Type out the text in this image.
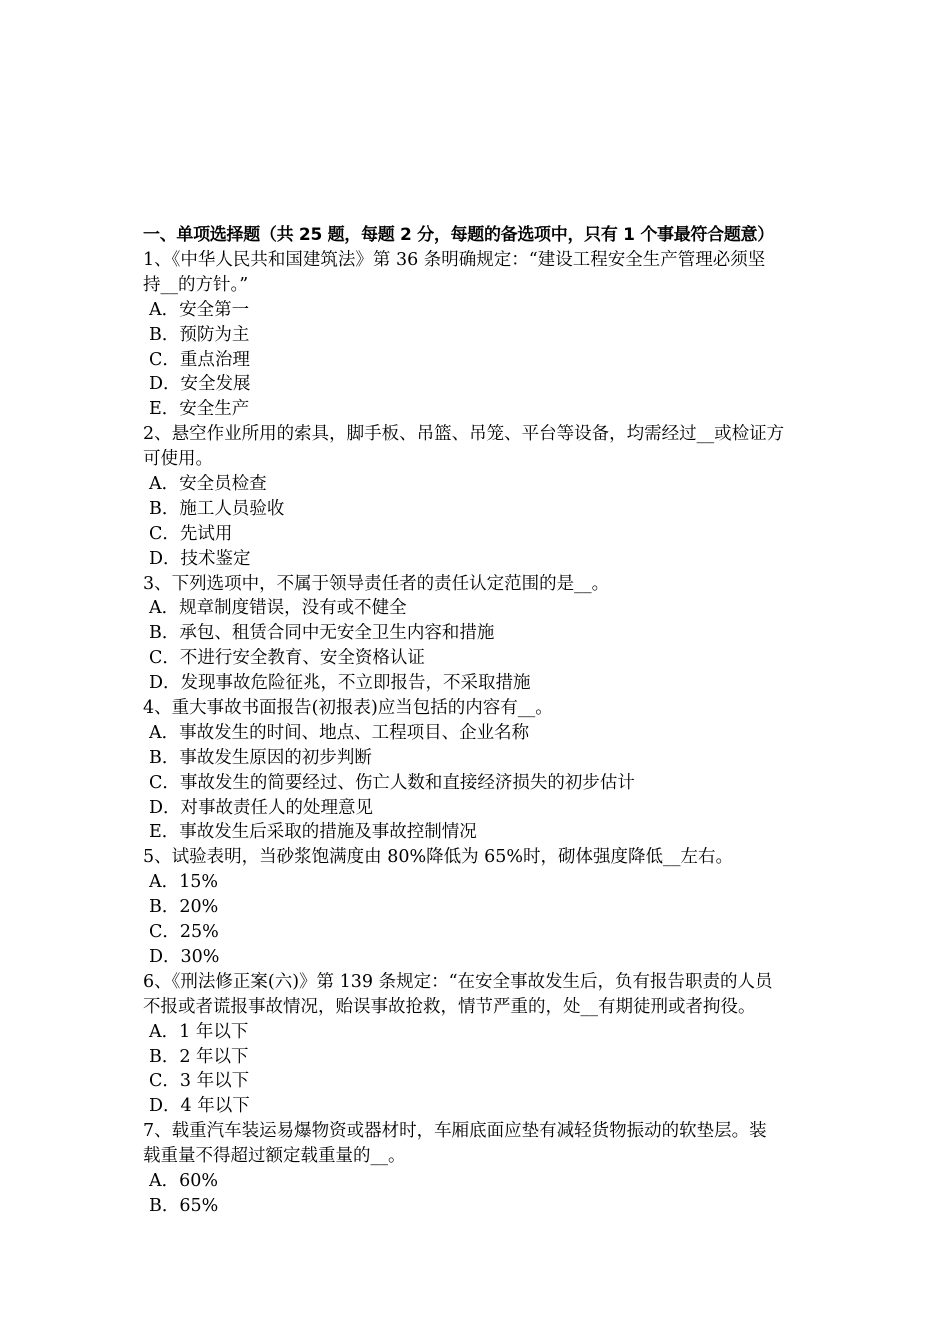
一、单项选择题（共 25 题，每题 2 分，每题的备选项中，只有 1 个事最符合题意）
1、《中华人民共和国建筑法》第 36 条明确规定：“建设工程安全生产管理必须坚
持__的方针。”
A．安全第一
B．预防为主
C．重点治理
D．安全发展
E．安全生产
2、悬空作业所用的索具，脚手板、吊篮、吊笼、平台等设备，均需经过__或检证方
可使用。
A．安全员检查
B．施工人员验收
C．先试用
D．技术鉴定
3、下列选项中，不属于领导责任者的责任认定范围的是__。
A．规章制度错误，没有或不健全
B．承包、租赁合同中无安全卫生内容和措施
C．不进行安全教育、安全资格认证
D．发现事故危险征兆，不立即报告，不采取措施
4、重大事故书面报告(初报表)应当包括的内容有__。
A．事故发生的时间、地点、工程项目、企业名称
B．事故发生原因的初步判断
C．事故发生的简要经过、伤亡人数和直接经济损失的初步估计
D．对事故责任人的处理意见
E．事故发生后采取的措施及事故控制情况
5、试验表明，当砂浆饱满度由 80%降低为 65%时，砌体强度降低__左右。
A．15%
B．20%
C．25%
D．30%
6、《刑法修正案(六)》第 139 条规定：“在安全事故发生后，负有报告职责的人员
不报或者谎报事故情况，贻误事故抢救，情节严重的，处__有期徒刑或者拘役。
A．1 年以下
B．2 年以下
C．3 年以下
D．4 年以下
7、载重汽车装运易爆物资或器材时，车厢底面应垫有减轻货物振动的软垫层。装
载重量不得超过额定载重量的__。
A．60%
B．65%
